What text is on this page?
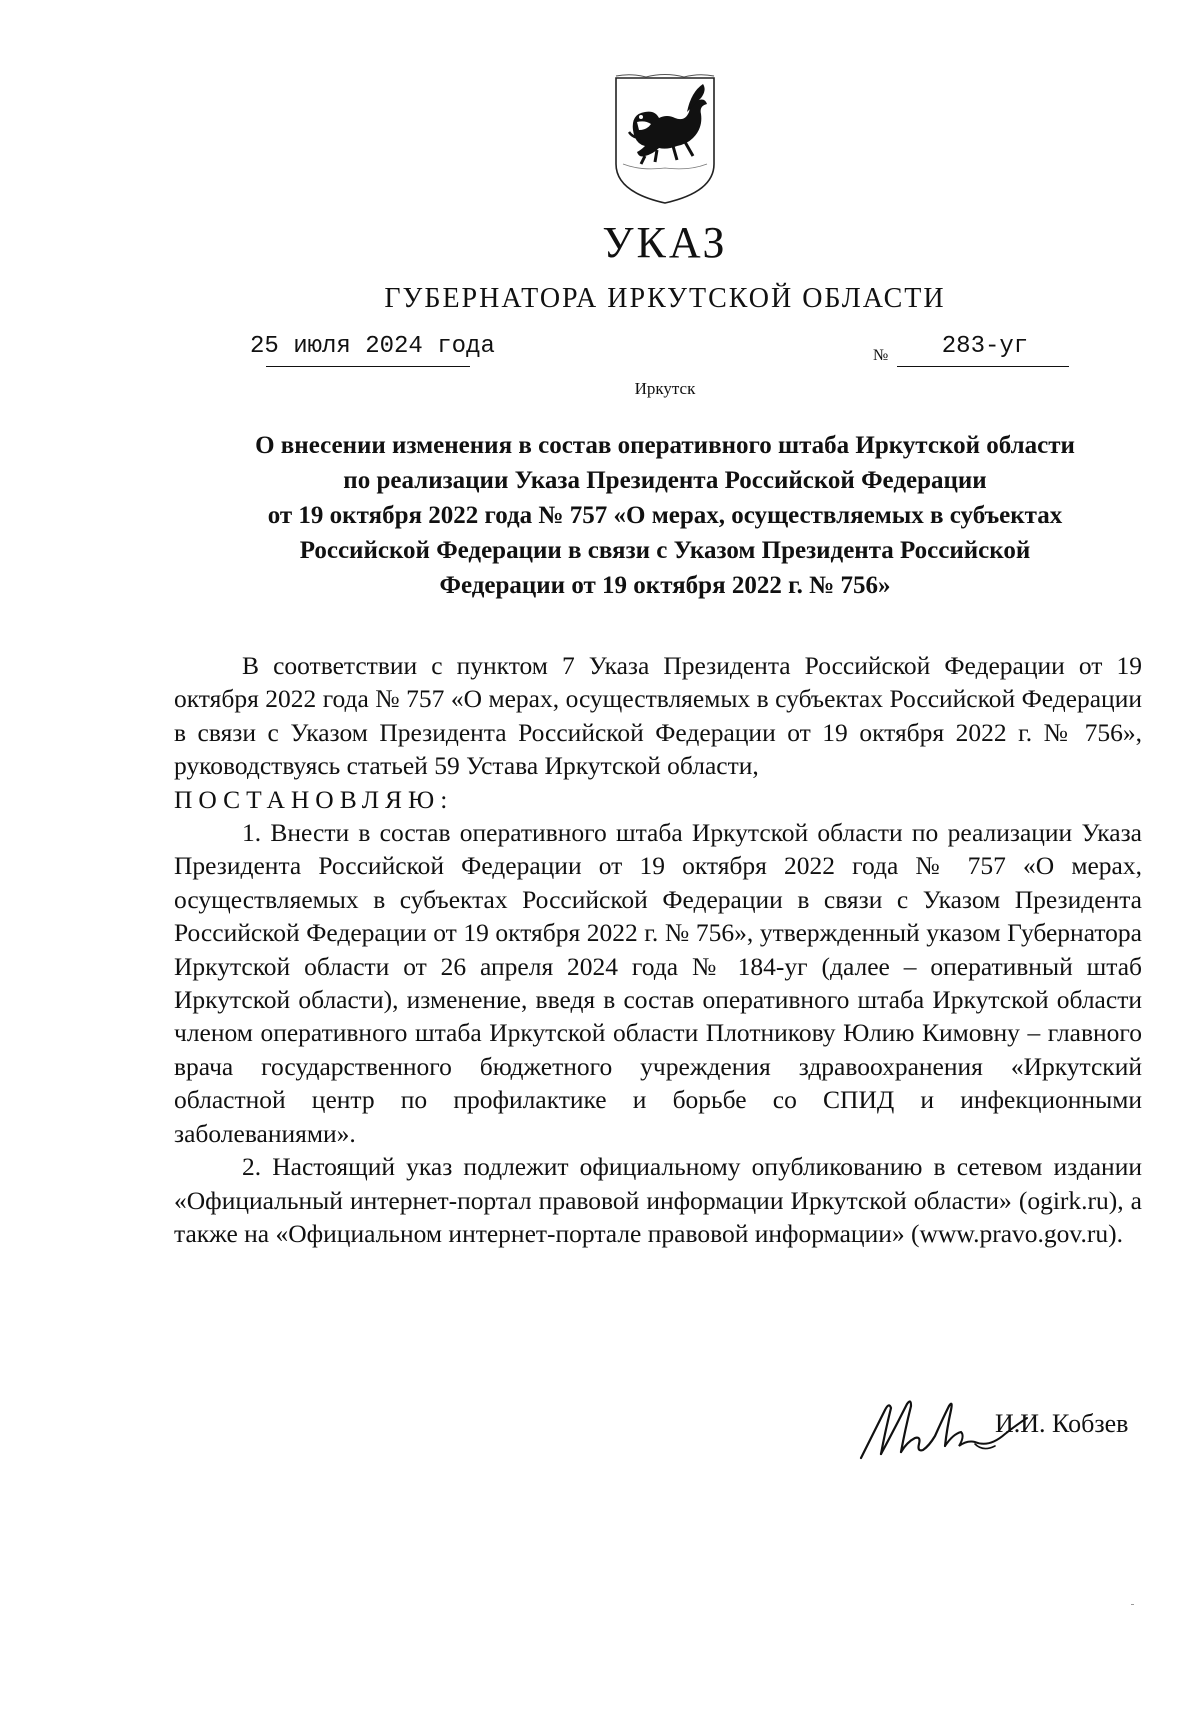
УКАЗ
ГУБЕРНАТОРА ИРКУТСКОЙ ОБЛАСТИ
25 июля 2024 года	№	283-уг
Иркутск
О внесении изменения в состав оперативного штаба Иркутской области
по реализации Указа Президента Российской Федерации
от 19 октября 2022 года № 757 «О мерах, осуществляемых в субъектах
Российской Федерации в связи с Указом Президента Российской
Федерации от 19 октября 2022 г. № 756»

В соответствии с пунктом 7 Указа Президента Российской Федерации от 19 октября 2022 года № 757 «О мерах, осуществляемых в субъектах Российской Федерации в связи с Указом Президента Российской Федерации от 19 октября 2022 г. № 756», руководствуясь статьей 59 Устава Иркутской области,

ПОСТАНОВЛЯЮ:

1. Внести в состав оперативного штаба Иркутской области по реализации Указа Президента Российской Федерации от 19 октября 2022 года № 757 «О мерах, осуществляемых в субъектах Российской Федерации в связи с Указом Президента Российской Федерации от 19 октября 2022 г. № 756», утвержденный указом Губернатора Иркутской области от 26 апреля 2024 года № 184-уг (далее – оперативный штаб Иркутской области), изменение, введя в состав оперативного штаба Иркутской области членом оперативного штаба Иркутской области Плотникову Юлию Кимовну – главного врача государственного бюджетного учреждения здравоохранения «Иркутский областной центр по профилактике и борьбе со СПИД и инфекционными заболеваниями».

2. Настоящий указ подлежит официальному опубликованию в сетевом издании «Официальный интернет-портал правовой информации Иркутской области» (ogirk.ru), а также на «Официальном интернет-портале правовой информации» (www.pravo.gov.ru).

И.И. Кобзев
